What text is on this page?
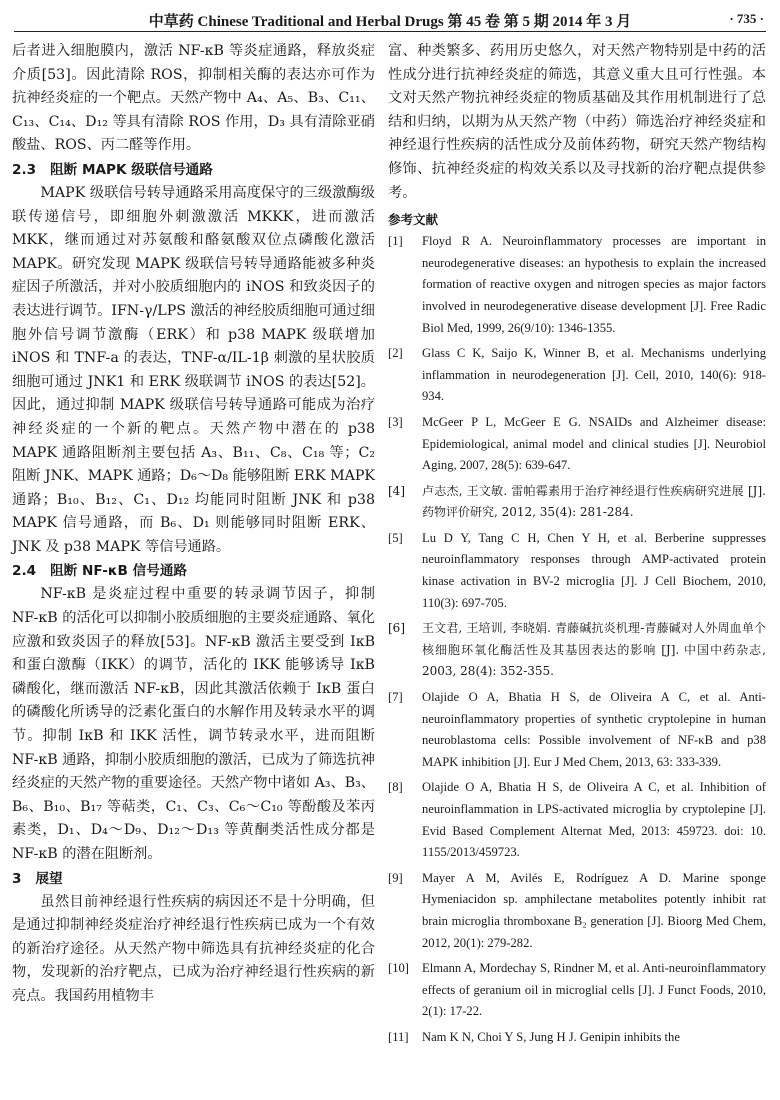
中草药 Chinese Traditional and Herbal Drugs 第 45 卷 第 5 期 2014 年 3 月	· 735 ·

后者进入细胞膜内，激活 NF-κB 等炎症通路，释放炎症介质[53]。因此清除 ROS，抑制相关酶的表达亦可作为抗神经炎症的一个靶点。天然产物中 A₄、A₅、B₃、C₁₁、C₁₃、C₁₄、D₁₂ 等具有清除 ROS 作用，D₃ 具有清除亚硝酸盐、ROS、丙二醛等作用。

2.3 阻断 MAPK 级联信号通路

MAPK 级联信号转导通路采用高度保守的三级激酶级联传递信号，即细胞外刺激激活 MKKK，进而激活 MKK，继而通过对苏氨酸和酪氨酸双位点磷酸化激活 MAPK。研究发现 MAPK 级联信号转导通路能被多种炎症因子所激活，并对小胶质细胞内的 iNOS 和致炎因子的表达进行调节。IFN-γ/LPS 激活的神经胶质细胞可通过细胞外信号调节激酶（ERK）和 p38 MAPK 级联增加 iNOS 和 TNF-a 的表达，TNF-α/IL-1β 刺激的星状胶质细胞可通过 JNK1 和 ERK 级联调节 iNOS 的表达[52]。因此，通过抑制 MAPK 级联信号转导通路可能成为治疗神经炎症的一个新的靶点。天然产物中潜在的 p38 MAPK 通路阻断剂主要包括 A₃、B₁₁、C₈、C₁₈ 等；C₂ 阻断 JNK、MAPK 通路；D₆～D₈ 能够阻断 ERK MAPK 通路；B₁₀、B₁₂、C₁、D₁₂ 均能同时阻断 JNK 和 p38 MAPK 信号通路，而 B₆、D₁ 则能够同时阻断 ERK、JNK 及 p38 MAPK 等信号通路。

2.4 阻断 NF-κB 信号通路

NF-κB 是炎症过程中重要的转录调节因子，抑制 NF-κB 的活化可以抑制小胶质细胞的主要炎症通路、氧化应激和致炎因子的释放[53]。NF-κB 激活主要受到 IκB 和蛋白激酶（IKK）的调节，活化的 IKK 能够诱导 IκB 磷酸化，继而激活 NF-κB，因此其激活依赖于 IκB 蛋白的磷酸化所诱导的泛素化蛋白的水解作用及转录水平的调节。抑制 IκB 和 IKK 活性，调节转录水平，进而阻断 NF-κB 通路，抑制小胶质细胞的激活，已成为了筛选抗神经炎症的天然产物的重要途径。天然产物中诸如 A₃、B₃、B₆、B₁₀、B₁₇ 等萜类，C₁、C₃、C₆～C₁₀ 等酚酸及苯丙素类，D₁、D₄～D₉、D₁₂～D₁₃ 等黄酮类活性成分都是 NF-κB 的潜在阻断剂。

3 展望

虽然目前神经退行性疾病的病因还不是十分明确，但是通过抑制神经炎症治疗神经退行性疾病已成为一个有效的新治疗途径。从天然产物中筛选具有抗神经炎症的化合物，发现新的治疗靶点，已成为治疗神经退行性疾病的新亮点。我国药用植物丰

富、种类繁多、药用历史悠久，对天然产物特别是中药的活性成分进行抗神经炎症的筛选，其意义重大且可行性强。本文对天然产物抗神经炎症的物质基础及其作用机制进行了总结和归纳，以期为从天然产物（中药）筛选治疗神经炎症和神经退行性疾病的活性成分及前体药物，研究天然产物结构修饰、抗神经炎症的构效关系以及寻找新的治疗靶点提供参考。

参考文献
[1] Floyd R A. Neuroinflammatory processes are important in neurodegenerative diseases: an hypothesis to explain the increased formation of reactive oxygen and nitrogen species as major factors involved in neurodegenerative disease development [J]. Free Radic Biol Med, 1999, 26(9/10): 1346-1355.
[2] Glass C K, Saijo K, Winner B, et al. Mechanisms underlying inflammation in neurodegeneration [J]. Cell, 2010, 140(6): 918-934.
[3] McGeer P L, McGeer E G. NSAIDs and Alzheimer disease: Epidemiological, animal model and clinical studies [J]. Neurobiol Aging, 2007, 28(5): 639-647.
[4] 卢志杰, 王文敏. 雷帕霉素用于治疗神经退行性疾病研究进展 [J]. 药物评价研究, 2012, 35(4): 281-284.
[5] Lu D Y, Tang C H, Chen Y H, et al. Berberine suppresses neuroinflammatory responses through AMP-activated protein kinase activation in BV-2 microglia [J]. J Cell Biochem, 2010, 110(3): 697-705.
[6] 王文君, 王培训, 李晓娟. 青藤碱抗炎机理-青藤碱对人外周血单个核细胞环氧化酶活性及其基因表达的影响 [J]. 中国中药杂志, 2003, 28(4): 352-355.
[7] Olajide O A, Bhatia H S, de Oliveira A C, et al. Anti-neuroinflammatory properties of synthetic cryptolepine in human neuroblastoma cells: Possible involvement of NF-κB and p38 MAPK inhibition [J]. Eur J Med Chem, 2013, 63: 333-339.
[8] Olajide O A, Bhatia H S, de Oliveira A C, et al. Inhibition of neuroinflammation in LPS-activated microglia by cryptolepine [J]. Evid Based Complement Alternat Med, 2013: 459723. doi: 10. 1155/2013/459723.
[9] Mayer A M, Avilés E, Rodríguez A D. Marine sponge Hymeniacidon sp. amphilectane metabolites potently inhibit rat brain microglia thromboxane B₂ generation [J]. Bioorg Med Chem, 2012, 20(1): 279-282.
[10] Elmann A, Mordechay S, Rindner M, et al. Anti-neuroinflammatory effects of geranium oil in microglial cells [J]. J Funct Foods, 2010, 2(1): 17-22.
[11] Nam K N, Choi Y S, Jung H J. Genipin inhibits the
